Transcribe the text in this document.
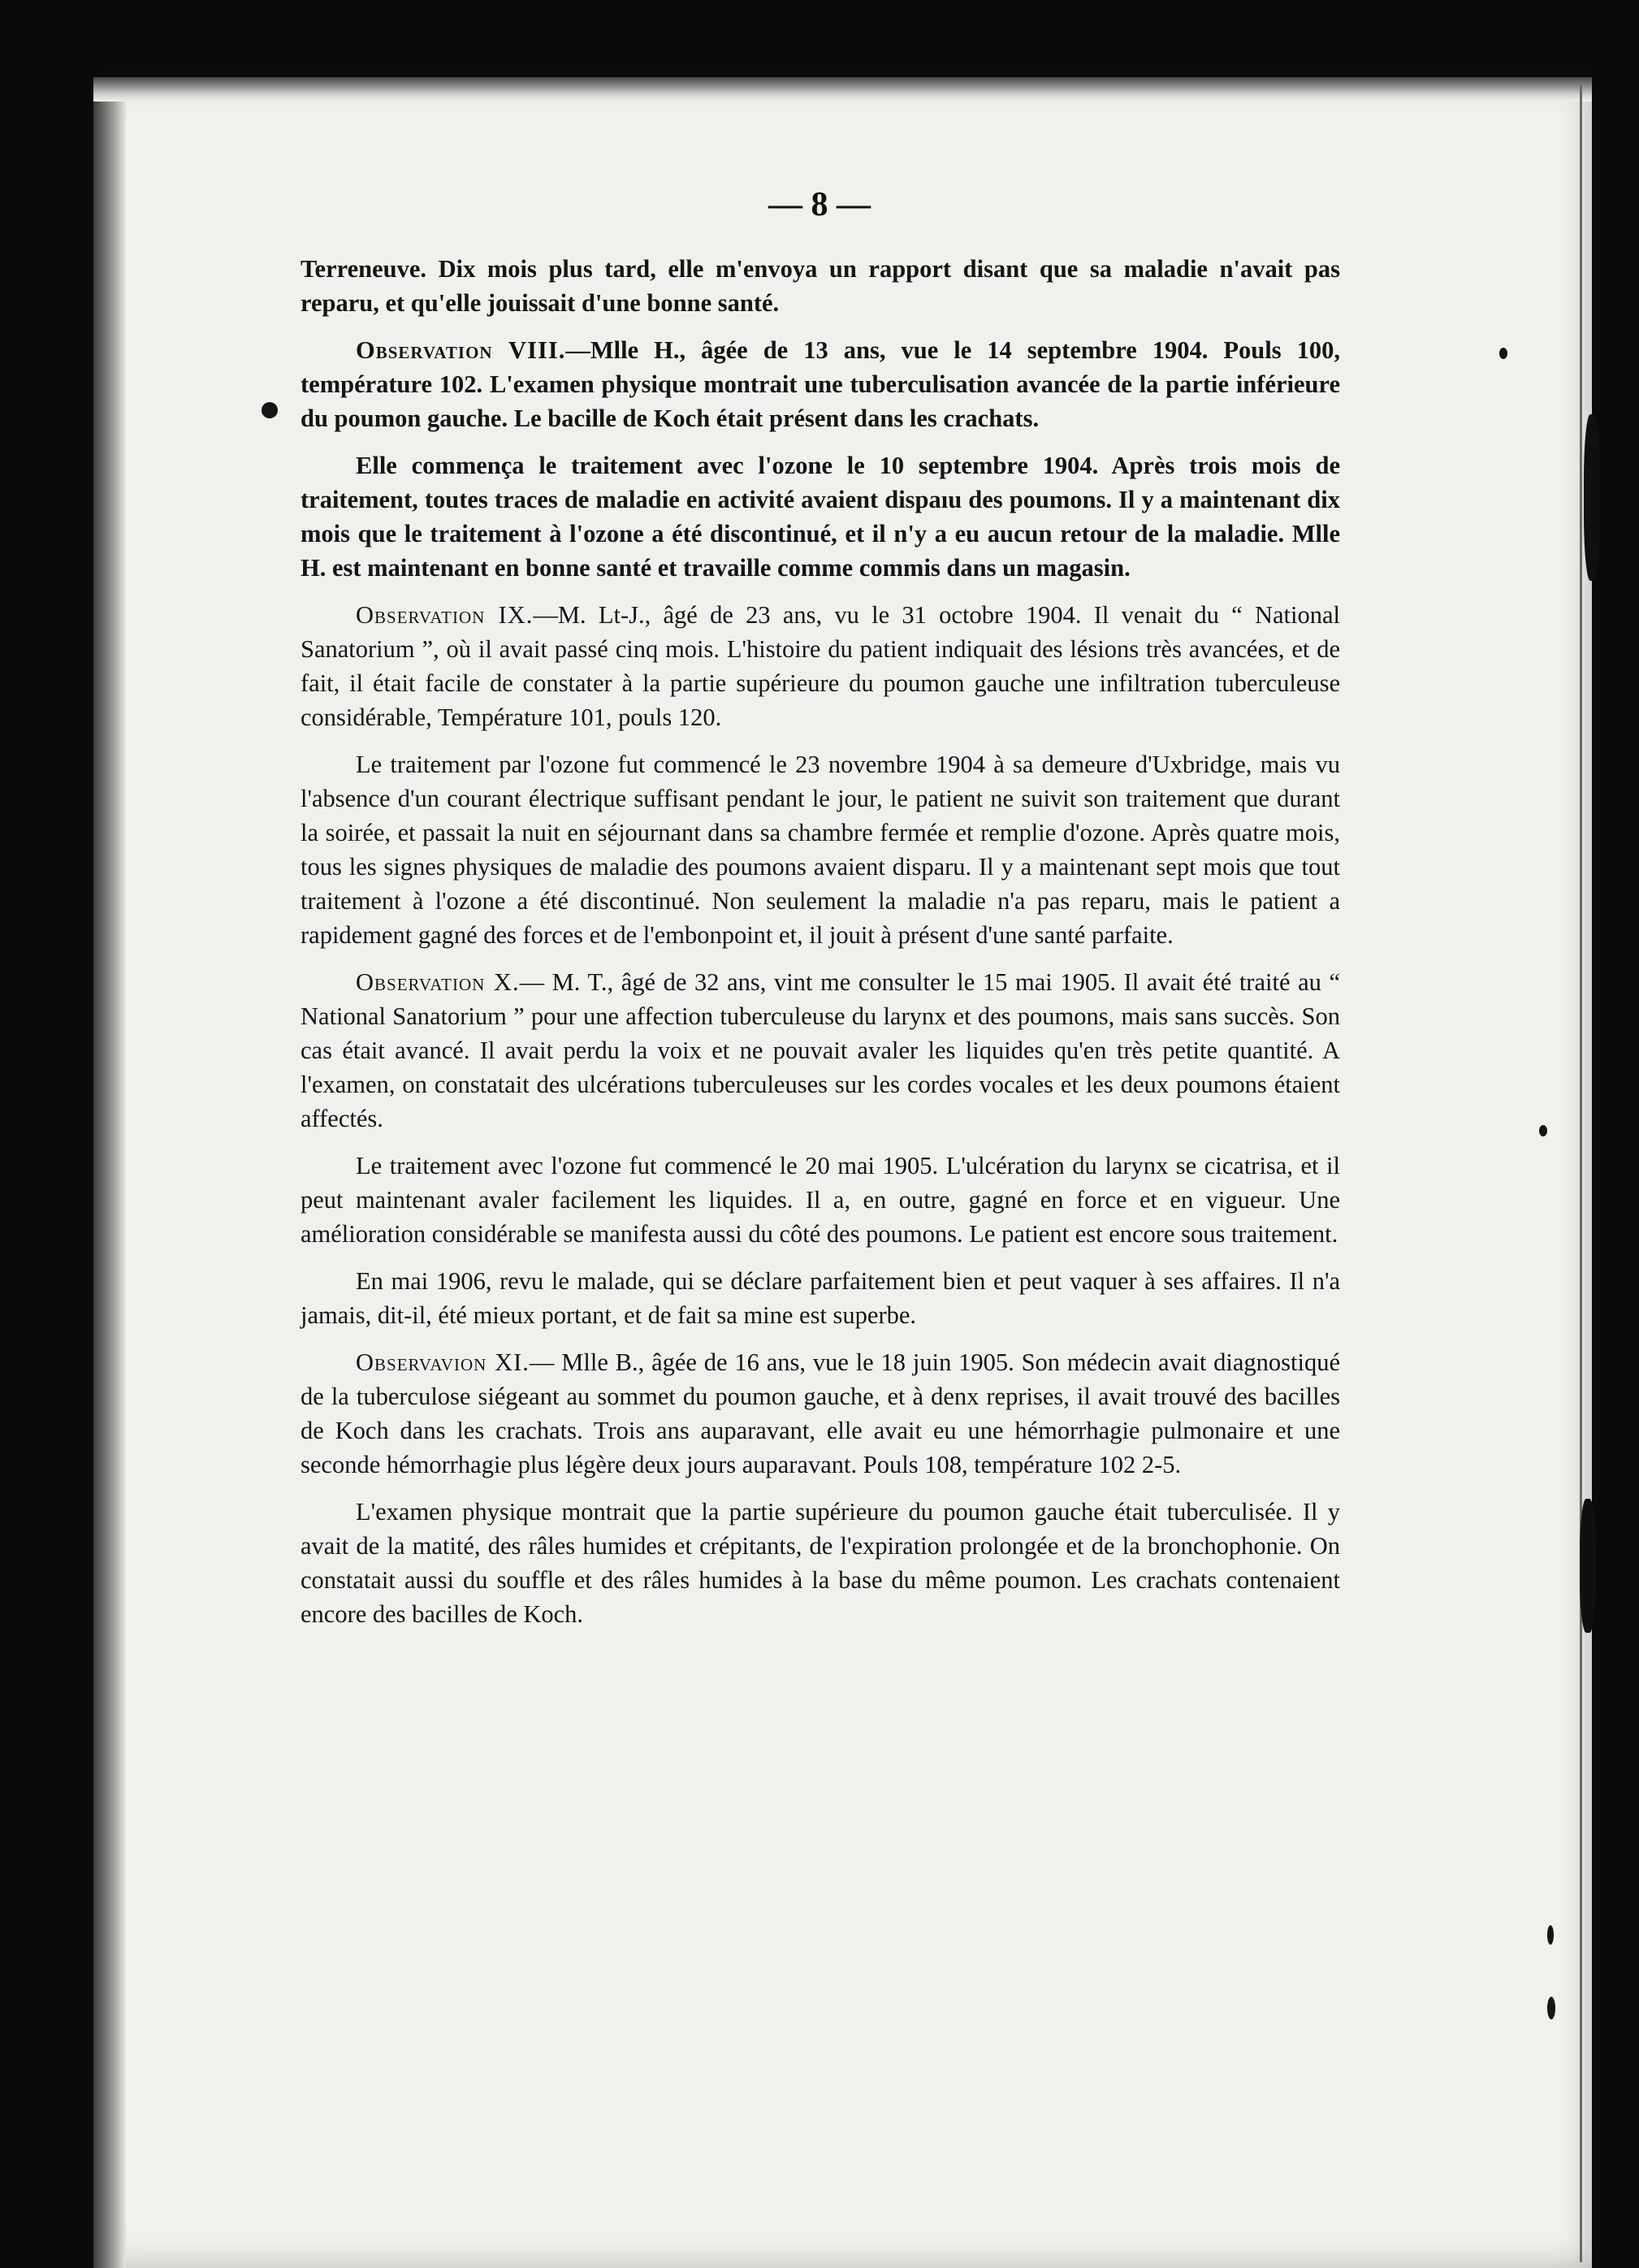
— 8 —

Terreneuve. Dix mois plus tard, elle m'envoya un rapport disant que sa maladie n'avait pas reparu, et qu'elle jouissait d'une bonne santé.

Observation VIII.—Mlle H., âgée de 13 ans, vue le 14 septembre 1904. Pouls 100, température 102. L'examen physique montrait une tuberculisation avancée de la partie inférieure du poumon gauche. Le bacille de Koch était présent dans les crachats.

Elle commença le traitement avec l'ozone le 10 septembre 1904. Après trois mois de traitement, toutes traces de maladie en activité avaient dispaıu des poumons. Il y a maintenant dix mois que le traitement à l'ozone a été discontinué, et il n'y a eu aucun retour de la maladie. Mlle H. est maintenant en bonne santé et travaille comme commis dans un magasin.

Observation IX.—M. Lt-J., âgé de 23 ans, vu le 31 octobre 1904. Il venait du “ National Sanatorium ”, où il avait passé cinq mois. L'histoire du patient indiquait des lésions très avancées, et de fait, il était facile de constater à la partie supérieure du poumon gauche une infiltration tuberculeuse considérable, Température 101, pouls 120.

Le traitement par l'ozone fut commencé le 23 novembre 1904 à sa demeure d'Uxbridge, mais vu l'absence d'un courant électrique suffisant pendant le jour, le patient ne suivit son traitement que durant la soirée, et passait la nuit en séjournant dans sa chambre fermée et remplie d'ozone. Après quatre mois, tous les signes physiques de maladie des poumons avaient disparu. Il y a maintenant sept mois que tout traitement à l'ozone a été discontinué. Non seulement la maladie n'a pas reparu, mais le patient a rapidement gagné des forces et de l'embonpoint et, il jouit à présent d'une santé parfaite.

Observation X.— M. T., âgé de 32 ans, vint me consulter le 15 mai 1905. Il avait été traité au “ National Sanatorium ” pour une affection tuberculeuse du larynx et des poumons, mais sans succès. Son cas était avancé. Il avait perdu la voix et ne pouvait avaler les liquides qu'en très petite quantité. A l'examen, on constatait des ulcérations tuberculeuses sur les cordes vocales et les deux poumons étaient affectés.

Le traitement avec l'ozone fut commencé le 20 mai 1905. L'ulcération du larynx se cicatrisa, et il peut maintenant avaler facilement les liquides. Il a, en outre, gagné en force et en vigueur. Une amélioration considérable se manifesta aussi du côté des poumons. Le patient est encore sous traitement.

En mai 1906, revu le malade, qui se déclare parfaitement bien et peut vaquer à ses affaires. Il n'a jamais, dit-il, été mieux portant, et de fait sa mine est superbe.

Observavion XI.— Mlle B., âgée de 16 ans, vue le 18 juin 1905. Son médecin avait diagnostiqué de la tuberculose siégeant au sommet du poumon gauche, et à denx reprises, il avait trouvé des bacilles de Koch dans les crachats. Trois ans auparavant, elle avait eu une hémorrhagie pulmonaire et une seconde hémorrhagie plus légère deux jours auparavant. Pouls 108, température 102 2-5.

L'examen physique montrait que la partie supérieure du poumon gauche était tuberculisée. Il y avait de la matité, des râles humides et crépitants, de l'expiration prolongée et de la bronchophonie. On constatait aussi du souffle et des râles humides à la base du même poumon. Les crachats contenaient encore des bacilles de Koch.
